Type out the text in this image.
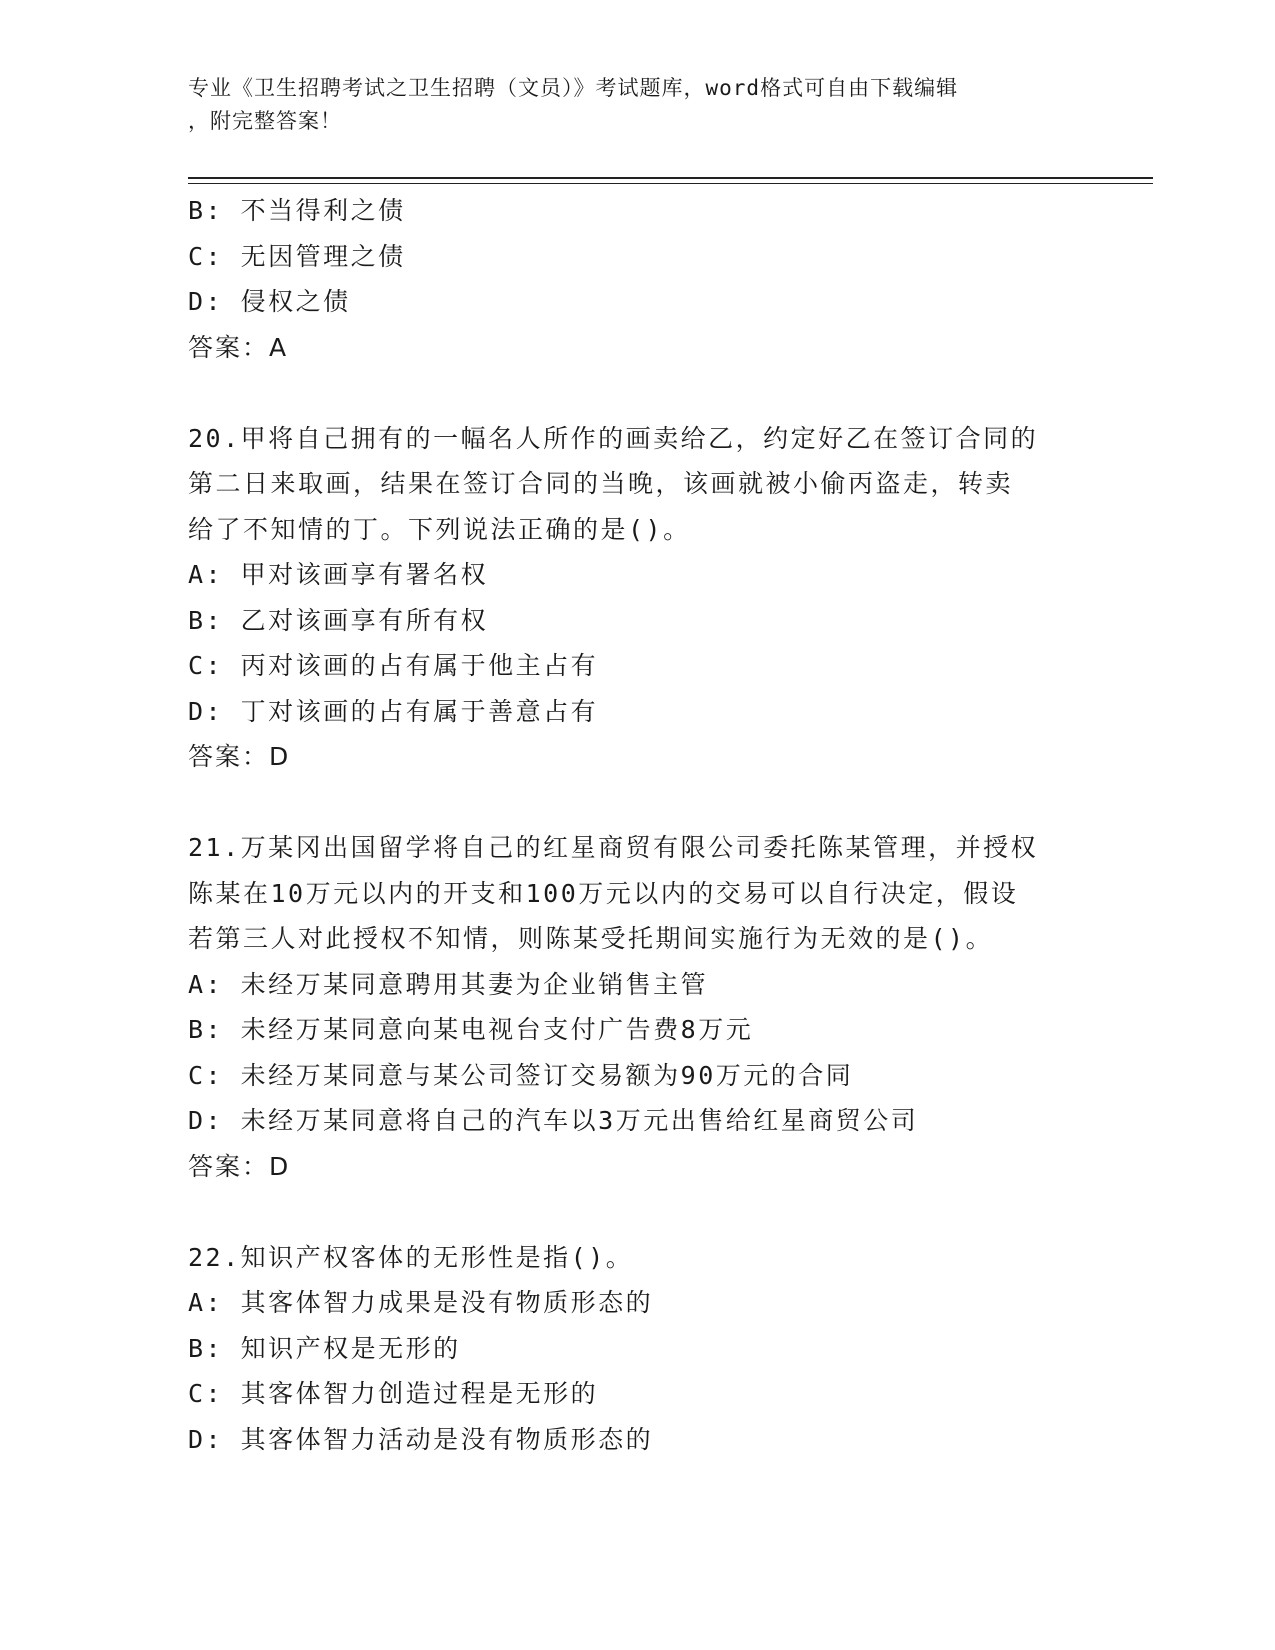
专业《卫生招聘考试之卫生招聘（文员）》考试题库，word格式可自由下载编辑
，附完整答案！
B: 不当得利之债
C: 无因管理之债
D: 侵权之债
答案：A
20.甲将自己拥有的一幅名人所作的画卖给乙，约定好乙在签订合同的
第二日来取画，结果在签订合同的当晚，该画就被小偷丙盗走，转卖
给了不知情的丁。下列说法正确的是()。
A: 甲对该画享有署名权
B: 乙对该画享有所有权
C: 丙对该画的占有属于他主占有
D: 丁对该画的占有属于善意占有
答案：D
21.万某冈出国留学将自己的红星商贸有限公司委托陈某管理，并授权
陈某在10万元以内的开支和100万元以内的交易可以自行决定，假设
若第三人对此授权不知情，则陈某受托期间实施行为无效的是()。
A: 未经万某同意聘用其妻为企业销售主管
B: 未经万某同意向某电视台支付广告费8万元
C: 未经万某同意与某公司签订交易额为90万元的合同
D: 未经万某同意将自己的汽车以3万元出售给红星商贸公司
答案：D
22.知识产权客体的无形性是指()。
A: 其客体智力成果是没有物质形态的
B: 知识产权是无形的
C: 其客体智力创造过程是无形的
D: 其客体智力活动是没有物质形态的
